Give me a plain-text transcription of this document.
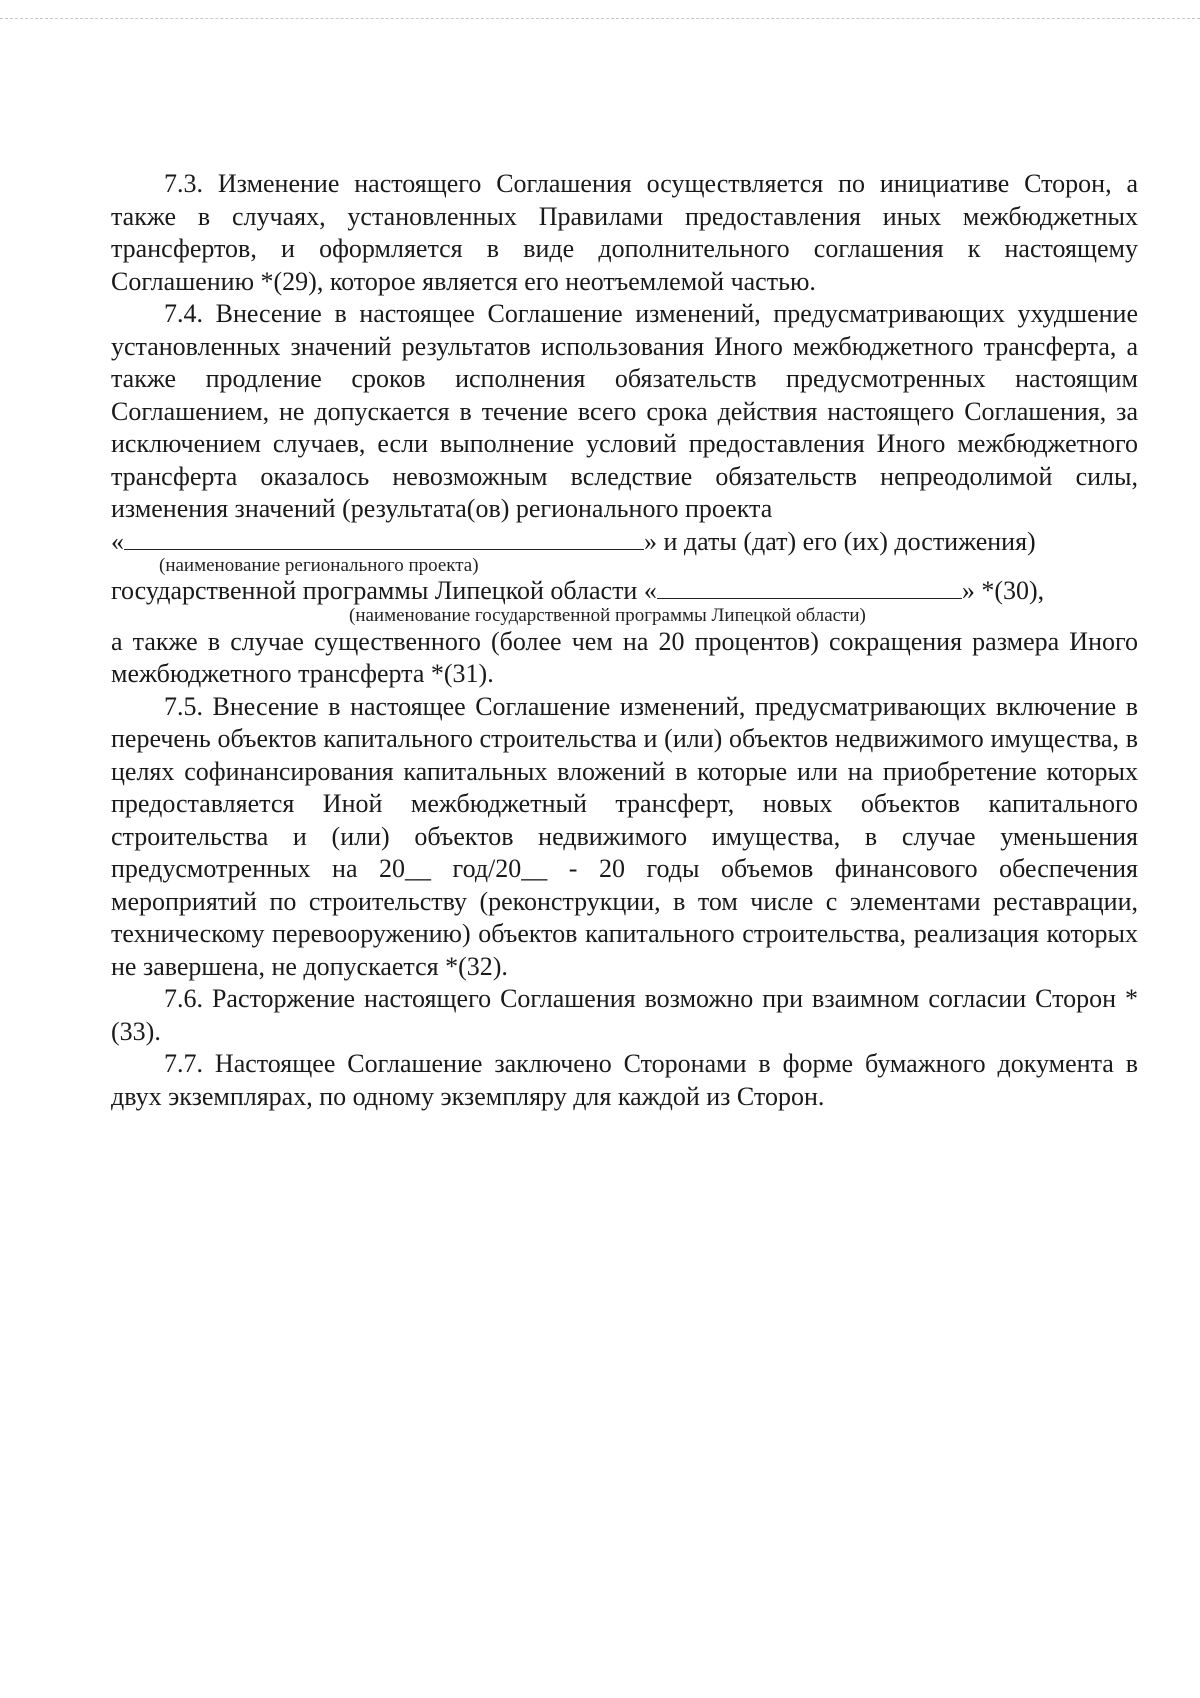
7.3. Изменение настоящего Соглашения осуществляется по инициативе Сторон, а также в случаях, установленных Правилами предоставления иных межбюджетных трансфертов, и оформляется в виде дополнительного соглашения к настоящему Соглашению *(29), которое является его неотъемлемой частью.

7.4. Внесение в настоящее Соглашение изменений, предусматривающих ухудшение установленных значений результатов использования Иного межбюджетного трансферта, а также продление сроков исполнения обязательств предусмотренных настоящим Соглашением, не допускается в течение всего срока действия настоящего Соглашения, за исключением случаев, если выполнение условий предоставления Иного межбюджетного трансферта оказалось невозможным вследствие обязательств непреодолимой силы, изменения значений (результата(ов) регионального проекта

«	» и даты (дат) его (их) достижения)
(наименование регионального проекта)
государственной программы Липецкой области «	» *(30),
(наименование государственной программы Липецкой области)

а также в случае существенного (более чем на 20 процентов) сокращения размера Иного межбюджетного трансферта *(31).

7.5. Внесение в настоящее Соглашение изменений, предусматривающих включение в перечень объектов капитального строительства и (или) объектов недвижимого имущества, в целях софинансирования капитальных вложений в которые или на приобретение которых предоставляется Иной межбюджетный трансферт, новых объектов капитального строительства и (или) объектов недвижимого имущества, в случае уменьшения предусмотренных на 20__ год/20__ - 20 годы объемов финансового обеспечения мероприятий по строительству (реконструкции, в том числе с элементами реставрации, техническому перевооружению) объектов капитального строительства, реализация которых не завершена, не допускается *(32).

7.6. Расторжение настоящего Соглашения возможно при взаимном согласии Сторон *(33).

7.7. Настоящее Соглашение заключено Сторонами в форме бумажного документа в двух экземплярах, по одному экземпляру для каждой из Сторон.
